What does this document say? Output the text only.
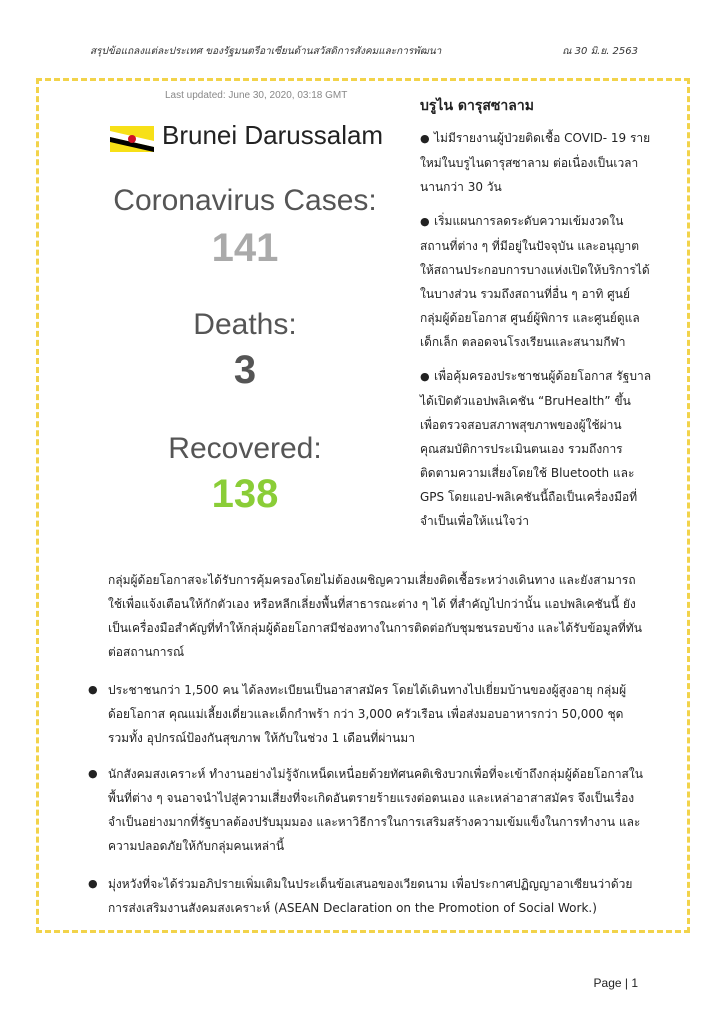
สรุปข้อแถลงแต่ละประเทศ ของรัฐมนตรีอาเซียนด้านสวัสดิการสังคมและการพัฒนา	ณ 30 มิ.ย. 2563
Last updated: June 30, 2020, 03:18 GMT
Brunei Darussalam
Coronavirus Cases:
141
Deaths:
3
Recovered:
138
บรูไน ดารุสซาลาม
● ไม่มีรายงานผู้ป่วยติดเชื้อ COVID- 19 รายใหม่ในบรูไนดารุสซาลาม ต่อเนื่องเป็นเวลานานกว่า 30 วัน
● เริ่มแผนการลดระดับความเข้มงวดในสถานที่ต่าง ๆ ที่มีอยู่ในปัจจุบัน และอนุญาตให้สถานประกอบการบางแห่งเปิดให้บริการได้ในบางส่วน รวมถึงสถานที่อื่น ๆ อาทิ ศูนย์กลุ่มผู้ด้อยโอกาส ศูนย์ผู้พิการ และศูนย์ดูแลเด็กเล็ก ตลอดจนโรงเรียนและสนามกีฬา
● เพื่อคุ้มครองประชาชนผู้ด้อยโอกาส รัฐบาลได้เปิดตัวแอปพลิเคชัน “BruHealth” ขึ้น เพื่อตรวจสอบสภาพสุขภาพของผู้ใช้ผ่านคุณสมบัติการประเมินตนเอง รวมถึงการติดตามความเสี่ยงโดยใช้ Bluetooth และ GPS โดยแอป-พลิเคชันนี้ถือเป็นเครื่องมือที่จำเป็นเพื่อให้แน่ใจว่า
กลุ่มผู้ด้อยโอกาสจะได้รับการคุ้มครองโดยไม่ต้องเผชิญความเสี่ยงติดเชื้อระหว่างเดินทาง และยังสามารถใช้เพื่อแจ้งเตือนให้กักตัวเอง หรือหลีกเลี่ยงพื้นที่สาธารณะต่าง ๆ ได้ ที่สำคัญไปกว่านั้น แอปพลิเคชันนี้ ยังเป็นเครื่องมือสำคัญที่ทำให้กลุ่มผู้ด้อยโอกาสมีช่องทางในการติดต่อกับชุมชนรอบข้าง และได้รับข้อมูลที่ทันต่อสถานการณ์
● ประชาชนกว่า 1,500 คน ได้ลงทะเบียนเป็นอาสาสมัคร โดยได้เดินทางไปเยี่ยมบ้านของผู้สูงอายุ กลุ่มผู้ด้อยโอกาส คุณแม่เลี้ยงเดี่ยวและเด็กกำพร้า กว่า 3,000 ครัวเรือน เพื่อส่งมอบอาหารกว่า 50,000 ชุด รวมทั้ง อุปกรณ์ป้องกันสุขภาพ ให้กับในช่วง 1 เดือนที่ผ่านมา
● นักสังคมสงเคราะห์ ทำงานอย่างไม่รู้จักเหน็ดเหนื่อยด้วยทัศนคติเชิงบวกเพื่อที่จะเข้าถึงกลุ่มผู้ด้อยโอกาสในพื้นที่ต่าง ๆ จนอาจนำไปสู่ความเสี่ยงที่จะเกิดอันตรายร้ายแรงต่อตนเอง และเหล่าอาสาสมัคร จึงเป็นเรื่องจำเป็นอย่างมากที่รัฐบาลต้องปรับมุมมอง และหาวิธีการในการเสริมสร้างความเข้มแข็งในการทำงาน และความปลอดภัยให้กับกลุ่มคนเหล่านี้
● มุ่งหวังที่จะได้ร่วมอภิปรายเพิ่มเติมในประเด็นข้อเสนอของเวียดนาม เพื่อประกาศปฏิญญาอาเซียนว่าด้วยการส่งเสริมงานสังคมสงเคราะห์ (ASEAN Declaration on the Promotion of Social Work.)
Page | 1
